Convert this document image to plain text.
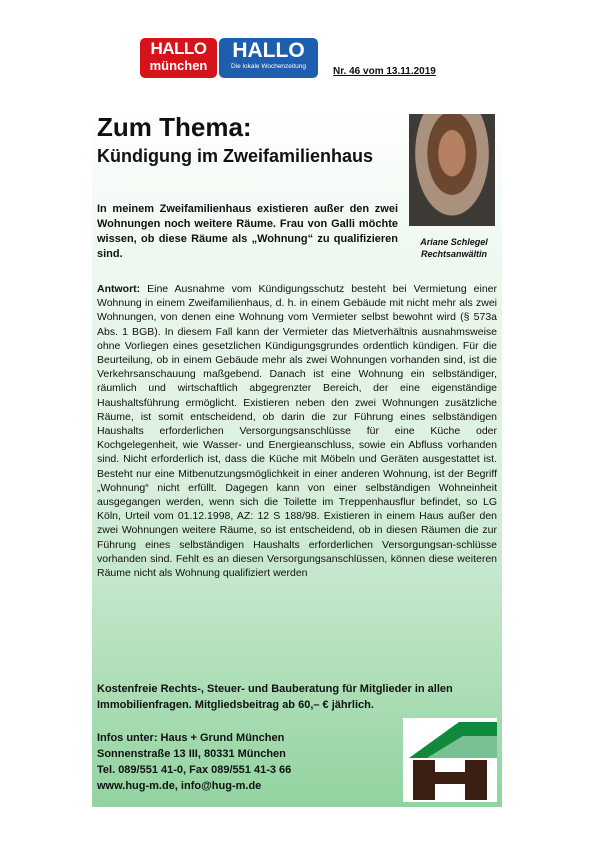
HALLO
münchen
HALLO
Die lokale Wochenzeitung	Nr. 46 vom 13.11.2019
Zum Thema:
Kündigung im Zweifamilienhaus
Ariane Schlegel
Rechtsanwältin
In meinem Zweifamilienhaus existieren außer den zwei Wohnungen noch weitere Räume. Frau von Galli möchte wissen, ob diese Räume als „Wohnung“ zu qualifizieren sind.
Antwort: Eine Ausnahme vom Kündigungsschutz besteht bei Vermietung einer Wohnung in einem Zweifamilienhaus, d. h. in einem Gebäude mit nicht mehr als zwei Wohnungen, von denen eine Wohnung vom Vermieter selbst bewohnt wird (§ 573a Abs. 1 BGB). In diesem Fall kann der Vermieter das Mietverhältnis ausnahmsweise ohne Vorliegen eines gesetzlichen Kündigungsgrundes ordentlich kündigen. Für die Beurteilung, ob in einem Gebäude mehr als zwei Wohnungen vorhanden sind, ist die Verkehrsanschauung maßgebend. Danach ist eine Wohnung ein selbständiger, räumlich und wirtschaftlich abgegrenzter Bereich, der eine eigenständige Haushaltsführung ermöglicht. Existieren neben den zwei Wohnungen zusätzliche Räume, ist somit entscheidend, ob darin die zur Führung eines selbständigen Haushalts erforderlichen Versorgungsanschlüsse für eine Küche oder Kochgelegenheit, wie Wasser- und Energieanschluss, sowie ein Abfluss vorhanden sind. Nicht erforderlich ist, dass die Küche mit Möbeln und Geräten ausgestattet ist. Besteht nur eine Mitbenutzungsmöglichkeit in einer anderen Wohnung, ist der Begriff „Wohnung“ nicht erfüllt. Dagegen kann von einer selbständigen Wohneinheit ausgegangen werden, wenn sich die Toilette im Treppenhausflur befindet, so LG Köln, Urteil vom 01.12.1998, AZ: 12 S 188/98. Existieren in einem Haus außer den zwei Wohnungen weitere Räume, so ist entscheidend, ob in diesen Räumen die zur Führung eines selbständigen Haushalts erforderlichen Versorgungsan-schlüsse vorhanden sind. Fehlt es an diesen Versorgungsanschlüssen, können diese weiteren Räume nicht als Wohnung qualifiziert werden
Kostenfreie Rechts-, Steuer- und Bauberatung für Mitglieder in allen Immobilienfragen. Mitgliedsbeitrag ab 60,– € jährlich.
Infos unter: Haus + Grund München
Sonnenstraße 13 III, 80331 München
Tel. 089/551 41-0, Fax 089/551 41-3 66
www.hug-m.de, info@hug-m.de
